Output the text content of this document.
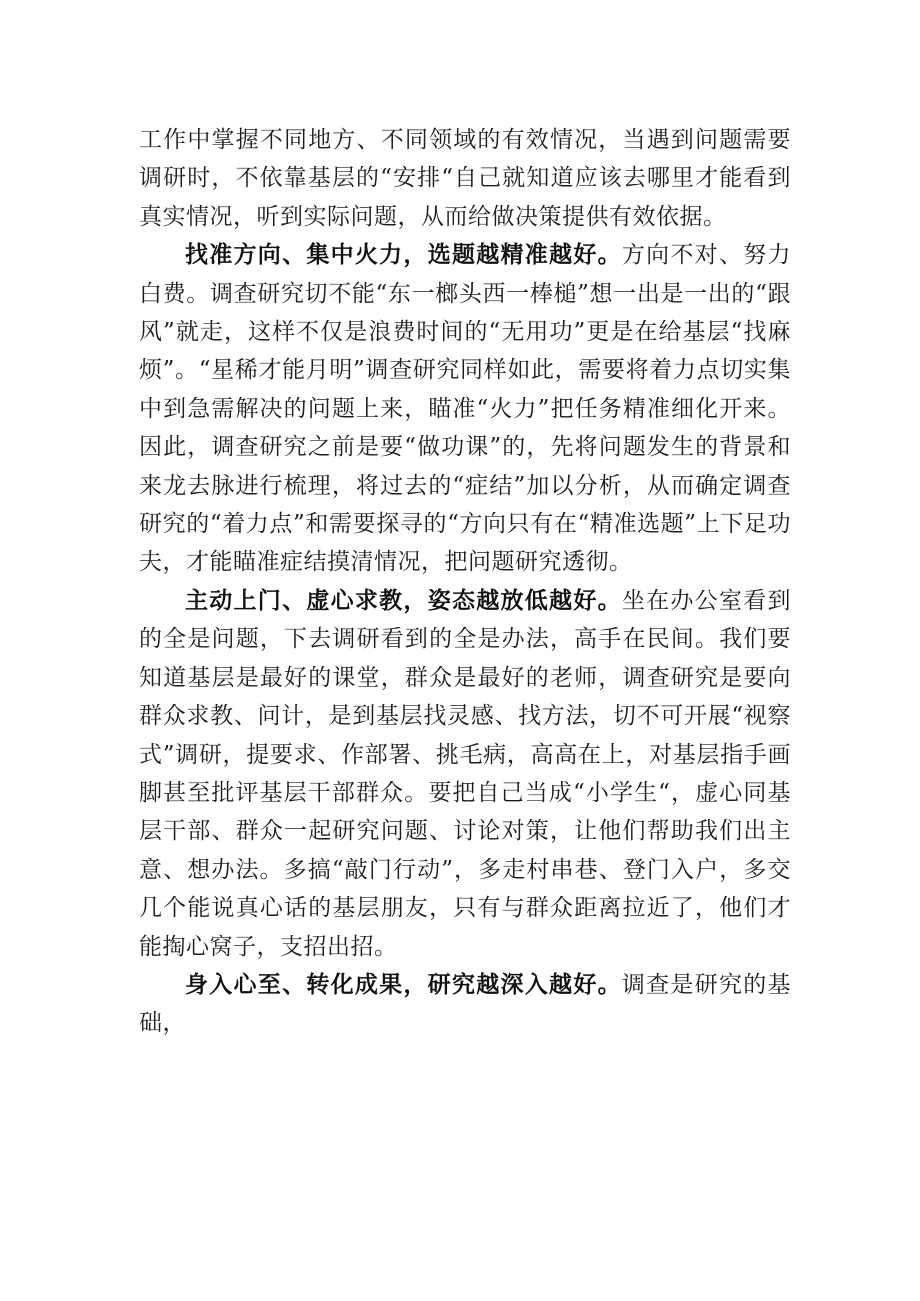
工作中掌握不同地方、不同领域的有效情况，当遇到问题需要调研时，不依靠基层的“安排“自己就知道应该去哪里才能看到真实情况，听到实际问题，从而给做决策提供有效依据。

找准方向、集中火力，选题越精准越好。方向不对、努力白费。调查研究切不能“东一榔头西一棒槌”想一出是一出的“跟风”就走，这样不仅是浪费时间的“无用功”更是在给基层“找麻烦”。“星稀才能月明”调查研究同样如此，需要将着力点切实集中到急需解决的问题上来，瞄准“火力”把任务精准细化开来。因此，调查研究之前是要“做功课”的，先将问题发生的背景和来龙去脉进行梳理，将过去的“症结”加以分析，从而确定调查研究的“着力点”和需要探寻的“方向只有在“精准选题”上下足功夫，才能瞄准症结摸清情况，把问题研究透彻。

主动上门、虚心求教，姿态越放低越好。坐在办公室看到的全是问题，下去调研看到的全是办法，高手在民间。我们要知道基层是最好的课堂，群众是最好的老师，调查研究是要向群众求教、问计，是到基层找灵感、找方法，切不可开展“视察式”调研，提要求、作部署、挑毛病，高高在上，对基层指手画脚甚至批评基层干部群众。要把自己当成“小学生“，虚心同基层干部、群众一起研究问题、讨论对策，让他们帮助我们出主意、想办法。多搞“敲门行动”，多走村串巷、登门入户，多交几个能说真心话的基层朋友，只有与群众距离拉近了，他们才能掏心窝子，支招出招。

身入心至、转化成果，研究越深入越好。调查是研究的基础，
